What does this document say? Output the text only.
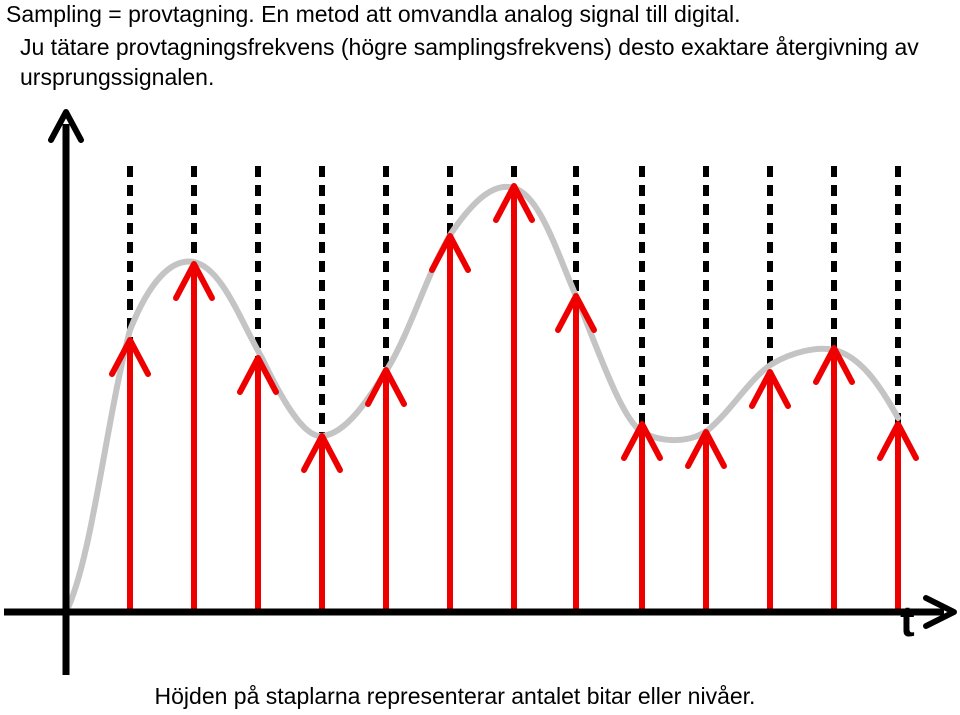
Sampling = provtagning. En metod att omvandla analog signal till digital.
Ju tätare provtagningsfrekvens (högre samplingsfrekvens) desto exaktare återgivning av ursprungssignalen.
t
Höjden på staplarna representerar antalet bitar eller nivåer.
